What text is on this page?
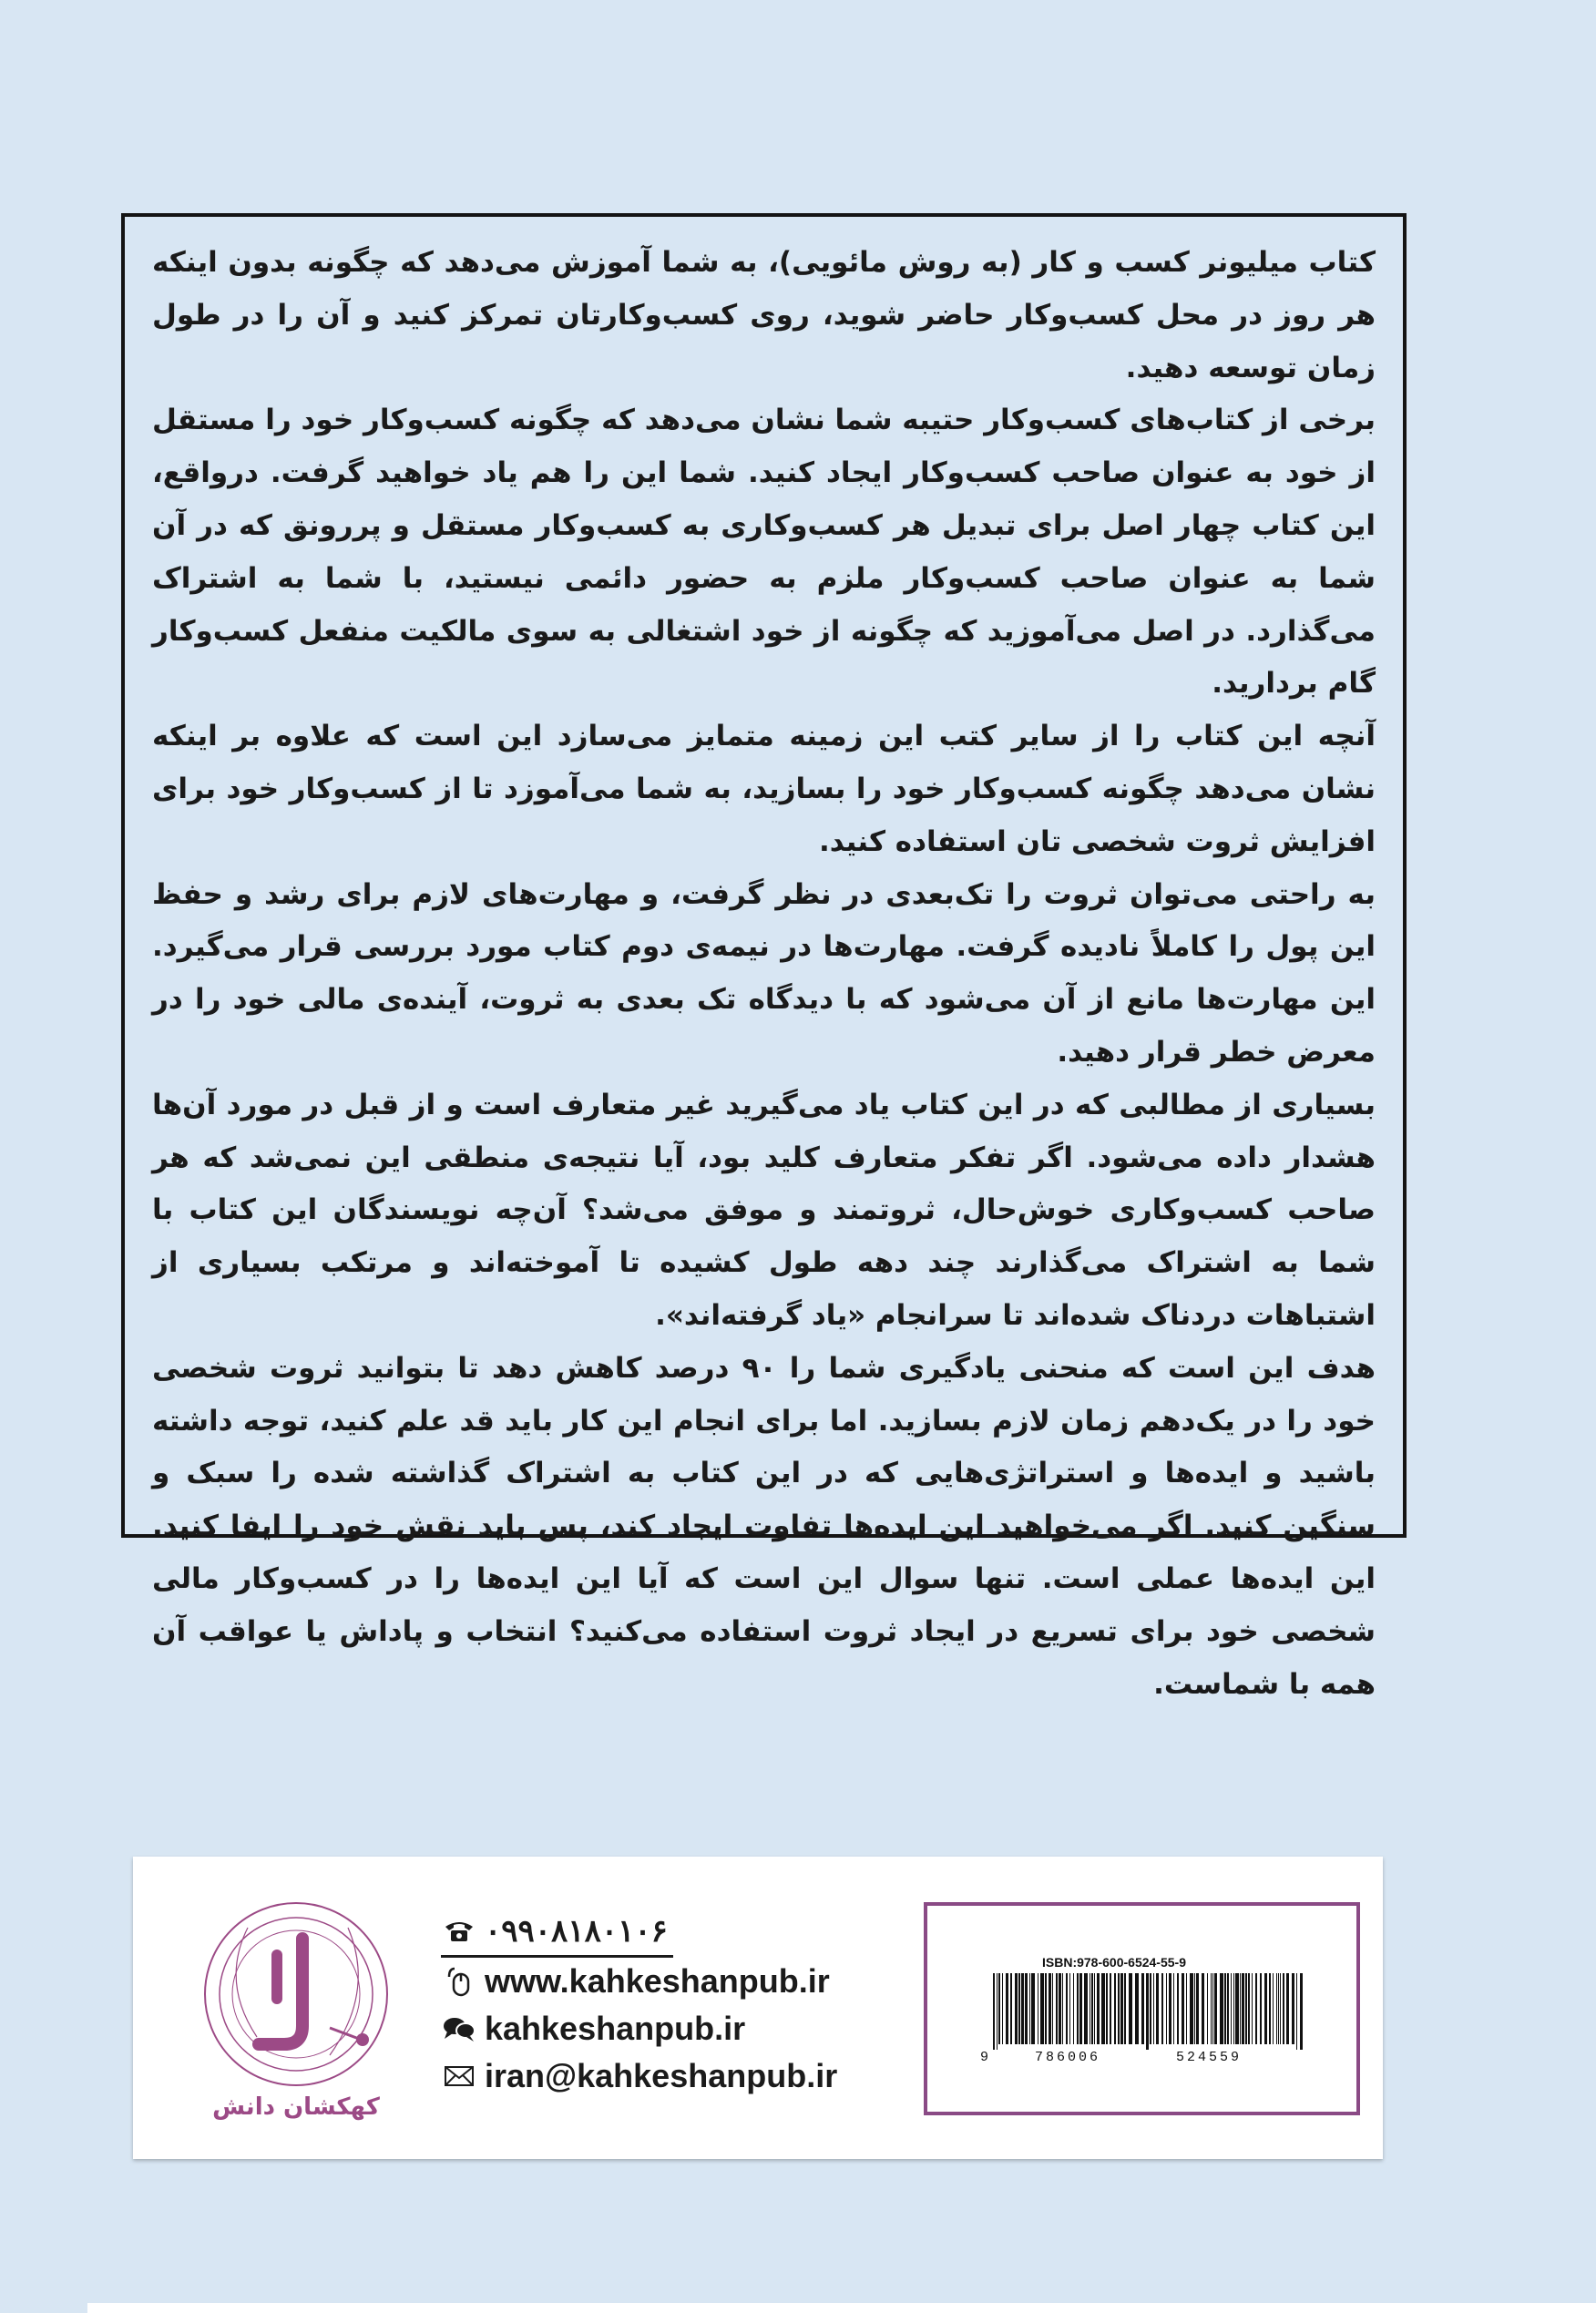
کتاب میلیونر کسب و کار (به روش مائویی)، به شما آموزش می‌دهد که چگونه بدون اینکه هر روز در محل کسب‌وکار حاضر شوید، روی کسب‌وکارتان تمرکز کنید و آن را در طول زمان توسعه دهید.

برخی از کتاب‌های کسب‌وکار حتیبه شما نشان می‌دهد که چگونه کسب‌وکار خود را مستقل از خود به عنوان صاحب کسب‌وکار ایجاد کنید. شما این را هم یاد خواهید گرفت. درواقع، این کتاب چهار اصل برای تبدیل هر کسب‌وکاری به کسب‌وکار مستقل و پررونق که در آن شما به عنوان صاحب کسب‌وکار ملزم به حضور دائمی نیستید، با شما به اشتراک می‌گذارد. در اصل می‌آموزید که چگونه از خود اشتغالی به سوی مالکیت منفعل کسب‌وکار گام بردارید.

آنچه این کتاب را از سایر کتب این زمینه متمایز می‌سازد این است که علاوه بر اینکه نشان می‌دهد چگونه کسب‌وکار خود را بسازید، به شما می‌آموزد تا از کسب‌وکار خود برای افزایش ثروت شخصی تان استفاده کنید.

به راحتی می‌توان ثروت را تک‌بعدی در نظر گرفت، و مهارت‌های لازم برای رشد و حفظ این پول را کاملاً نادیده گرفت. مهارت‌ها در نیمه‌ی دوم کتاب مورد بررسی قرار می‌گیرد. این مهارت‌ها مانع از آن می‌شود که با دیدگاه تک بعدی به ثروت، آینده‌ی مالی خود را در معرض خطر قرار دهید.

بسیاری از مطالبی که در این کتاب یاد می‌گیرید غیر متعارف است و از قبل در مورد آن‌ها هشدار داده می‌شود. اگر تفکر متعارف کلید بود، آیا نتیجه‌ی منطقی این نمی‌شد که هر صاحب کسب‌وکاری خوش‌حال، ثروتمند و موفق می‌شد؟ آن‌چه نویسندگان این کتاب با شما به اشتراک می‌گذارند چند دهه طول کشیده تا آموخته‌اند و مرتکب بسیاری از اشتباهات دردناک شده‌اند تا سرانجام «یاد گرفته‌اند».

هدف این است که منحنی یادگیری شما را ۹۰ درصد کاهش دهد تا بتوانید ثروت شخصی خود را در یک‌دهم زمان لازم بسازید. اما برای انجام این کار باید قد علم کنید، توجه داشته باشید و ایده‌ها و استراتژی‌هایی که در این کتاب به اشتراک گذاشته شده را سبک و سنگین کنید. اگر می‌خواهید این ایده‌ها تفاوت ایجاد کند، پس باید نقش خود را ایفا کنید. این ایده‌ها عملی است. تنها سوال این است که آیا این ایده‌ها را در کسب‌وکار مالی شخصی خود برای تسریع در ایجاد ثروت استفاده می‌کنید؟ انتخاب و پاداش یا عواقب آن همه با شماست.

کهکشان دانش
۰۹۹۰۸۱۸۰۱۰۶
www.kahkeshanpub.ir
kahkeshanpub.ir
iran@kahkeshanpub.ir
ISBN:978-600-6524-55-9
9	786006	524559
